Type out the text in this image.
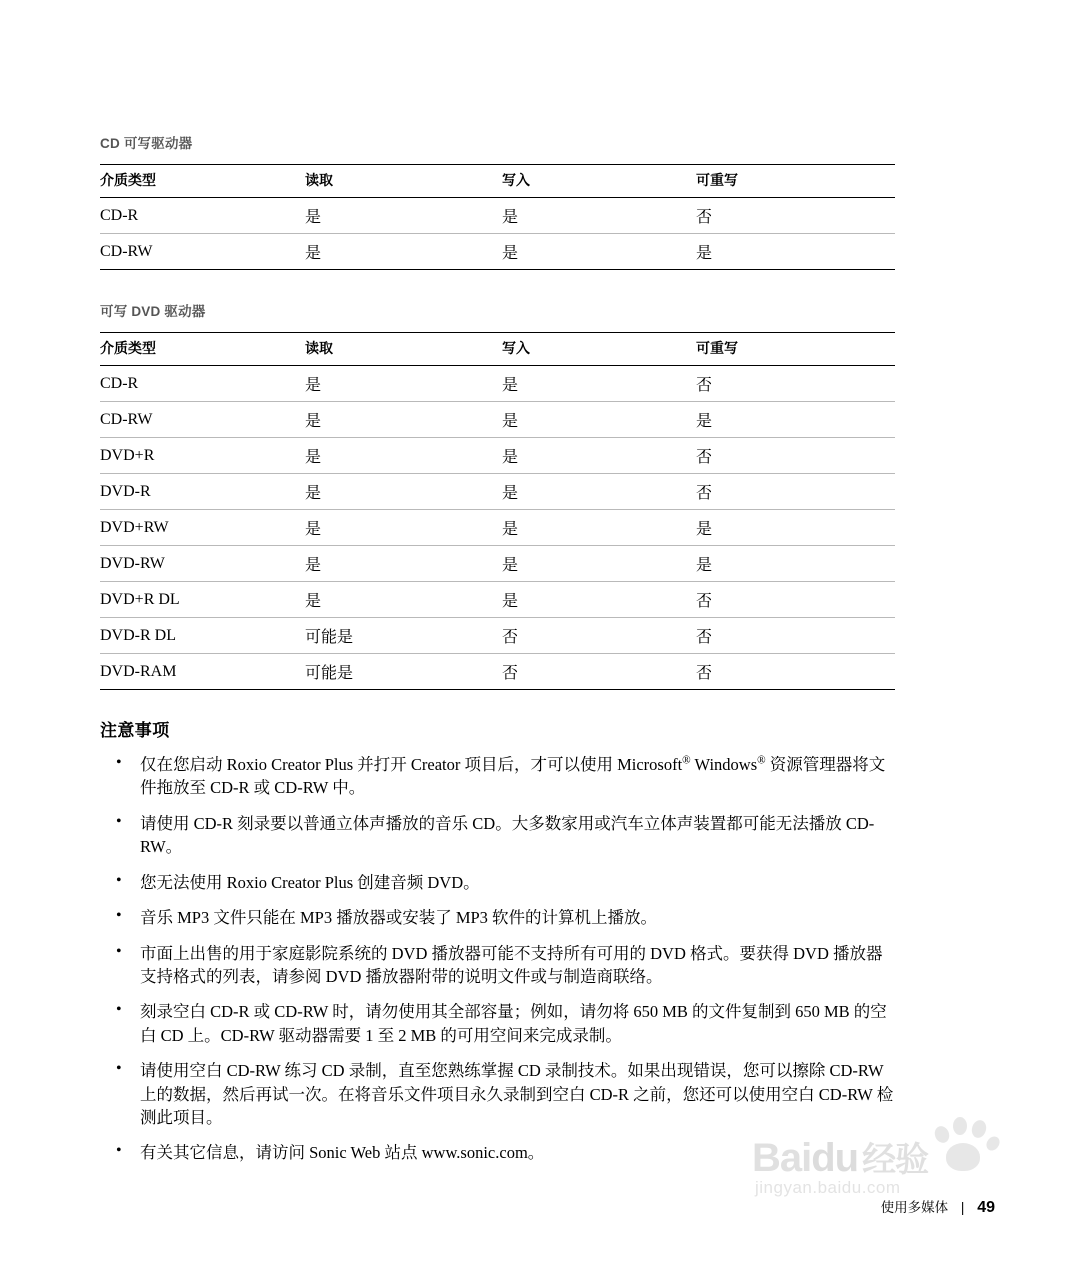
CD 可写驱动器
介质类型	读取	写入	可重写
CD-R	是	是	否
CD-RW	是	是	是
可写 DVD 驱动器
介质类型	读取	写入	可重写
CD-R	是	是	否
CD-RW	是	是	是
DVD+R	是	是	否
DVD-R	是	是	否
DVD+RW	是	是	是
DVD-RW	是	是	是
DVD+R DL	是	是	否
DVD-R DL	可能是	否	否
DVD-RAM	可能是	否	否
注意事项
• 仅在您启动 Roxio Creator Plus 并打开 Creator 项目后，才可以使用 Microsoft® Windows® 资源管理器将文件拖放至 CD-R 或 CD-RW 中。
• 请使用 CD-R 刻录要以普通立体声播放的音乐 CD。大多数家用或汽车立体声装置都可能无法播放 CD-RW。
• 您无法使用 Roxio Creator Plus 创建音频 DVD。
• 音乐 MP3 文件只能在 MP3 播放器或安装了 MP3 软件的计算机上播放。
• 市面上出售的用于家庭影院系统的 DVD 播放器可能不支持所有可用的 DVD 格式。要获得 DVD 播放器支持格式的列表，请参阅 DVD 播放器附带的说明文件或与制造商联络。
• 刻录空白 CD-R 或 CD-RW 时，请勿使用其全部容量；例如，请勿将 650 MB 的文件复制到 650 MB 的空白 CD 上。CD-RW 驱动器需要 1 至 2 MB 的可用空间来完成录制。
• 请使用空白 CD-RW 练习 CD 录制，直至您熟练掌握 CD 录制技术。如果出现错误，您可以擦除 CD-RW 上的数据，然后再试一次。在将音乐文件项目永久录制到空白 CD-R 之前，您还可以使用空白 CD-RW 检测此项目。
• 有关其它信息，请访问 Sonic Web 站点 www.sonic.com。	Baidu 经验
jingyan.baidu.com
使用多媒体 | 49
